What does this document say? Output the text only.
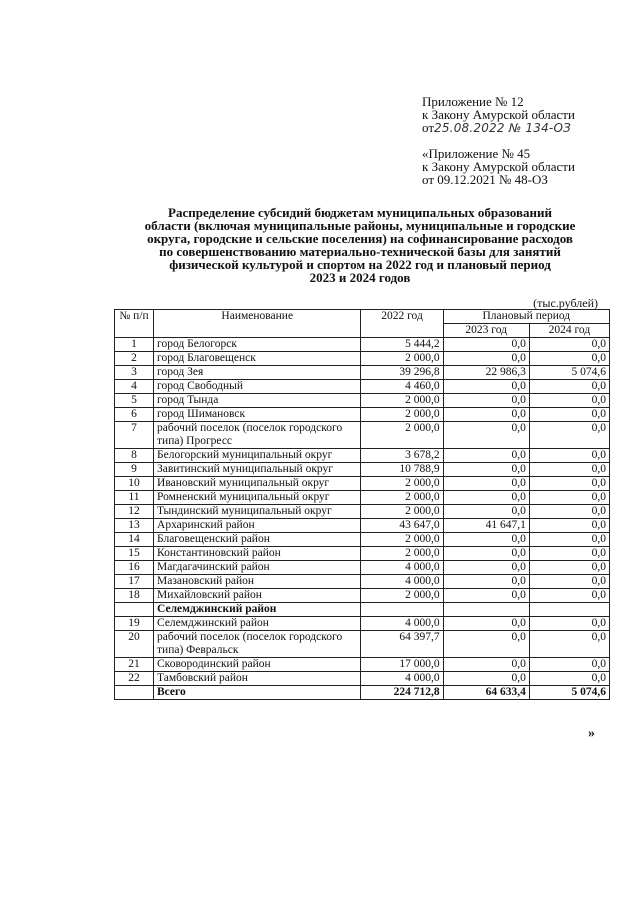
Приложение № 12
к Закону Амурской области
от25.08.2022 № 134-ОЗ
«Приложение № 45
к Закону Амурской области
от 09.12.2021 № 48-ОЗ
Распределение субсидий бюджетам муниципальных образований
области (включая муниципальные районы, муниципальные и городские
округа, городские и сельские поселения) на софинансирование расходов
по совершенствованию материально-технической базы для занятий
физической культурой и спортом на 2022 год и плановый период
2023 и 2024 годов
(тыс.рублей)
№ п/п	Наименование	2022 год	Плановый период	
			2023 год	2024 год
1	город Белогорск	5 444,2	0,0	0,0
2	город Благовещенск	2 000,0	0,0	0,0
3	город Зея	39 296,8	22 986,3	5 074,6
4	город Свободный	4 460,0	0,0	0,0
5	город Тында	2 000,0	0,0	0,0
6	город Шимановск	2 000,0	0,0	0,0
7	рабочий поселок (поселок городского типа) Прогресс	2 000,0	0,0	0,0
8	Белогорский муниципальный округ	3 678,2	0,0	0,0
9	Завитинский муниципальный округ	10 788,9	0,0	0,0
10	Ивановский муниципальный округ	2 000,0	0,0	0,0
11	Ромненский муниципальный округ	2 000,0	0,0	0,0
12	Тындинский муниципальный округ	2 000,0	0,0	0,0
13	Архаринский район	43 647,0	41 647,1	0,0
14	Благовещенский район	2 000,0	0,0	0,0
15	Константиновский район	2 000,0	0,0	0,0
16	Магдагачинский район	4 000,0	0,0	0,0
17	Мазановский район	4 000,0	0,0	0,0
18	Михайловский район	2 000,0	0,0	0,0
	Селемджинский район			
19	Селемджинский район	4 000,0	0,0	0,0
20	рабочий поселок (поселок городского типа) Февральск	64 397,7	0,0	0,0
21	Сковородинский район	17 000,0	0,0	0,0
22	Тамбовский район	4 000,0	0,0	0,0
	Всего	224 712,8	64 633,4	5 074,6
»
